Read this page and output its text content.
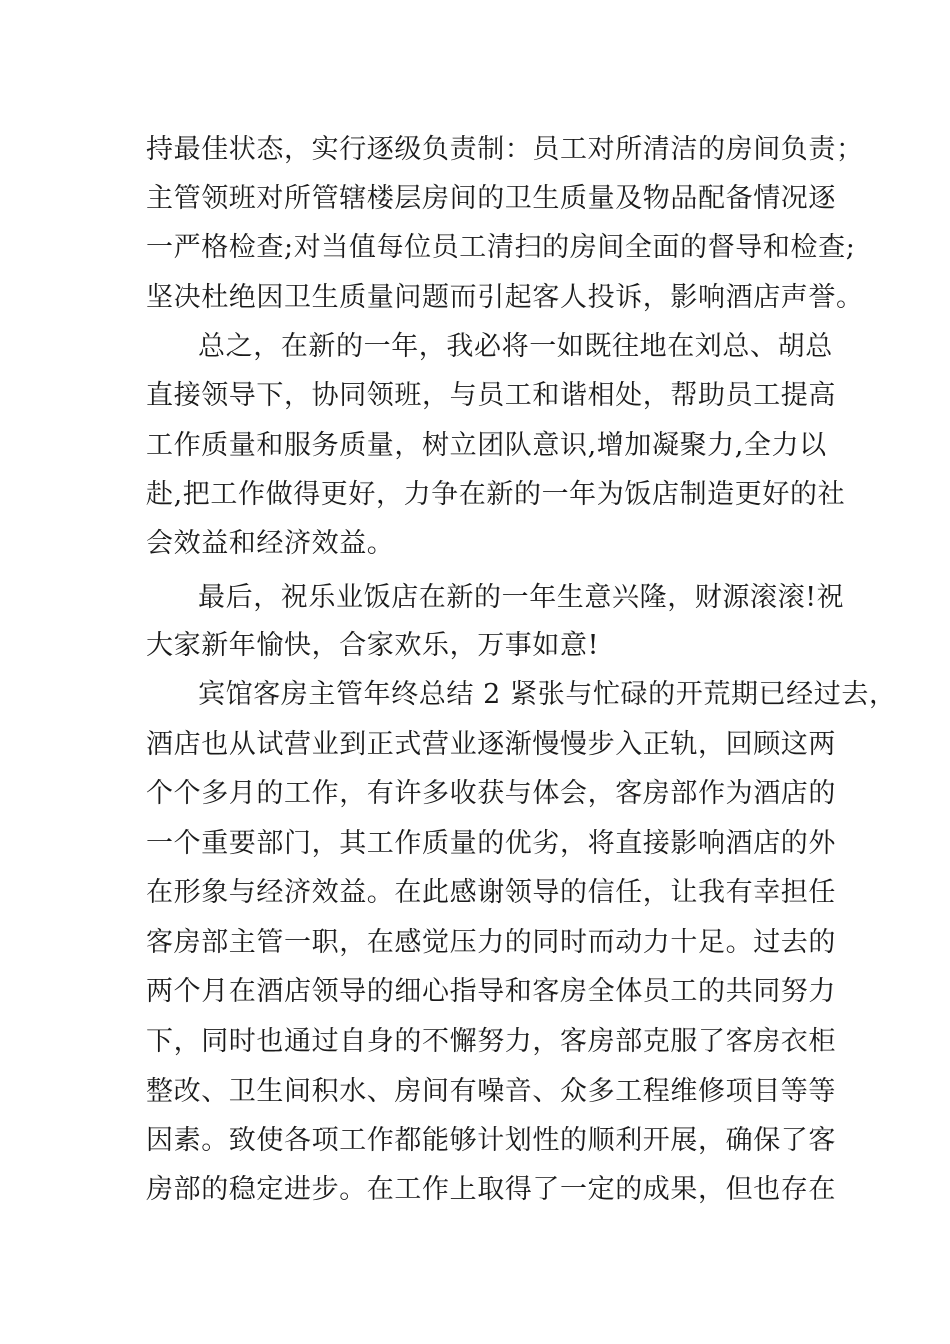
持最佳状态，实行逐级负责制：员工对所清洁的房间负责；
主管领班对所管辖楼层房间的卫生质量及物品配备情况逐
一严格检查;对当值每位员工清扫的房间全面的督导和检查;
坚决杜绝因卫生质量问题而引起客人投诉，影响酒店声誉。
总之，在新的一年，我必将一如既往地在刘总、胡总
直接领导下，协同领班，与员工和谐相处，帮助员工提高
工作质量和服务质量，树立团队意识,增加凝聚力,全力以
赴,把工作做得更好，力争在新的一年为饭店制造更好的社
会效益和经济效益。
最后，祝乐业饭店在新的一年生意兴隆，财源滚滚!祝
大家新年愉快，合家欢乐，万事如意!
宾馆客房主管年终总结 2 紧张与忙碌的开荒期已经过去，
酒店也从试营业到正式营业逐渐慢慢步入正轨，回顾这两
个个多月的工作，有许多收获与体会，客房部作为酒店的
一个重要部门，其工作质量的优劣，将直接影响酒店的外
在形象与经济效益。在此感谢领导的信任，让我有幸担任
客房部主管一职，在感觉压力的同时而动力十足。过去的
两个月在酒店领导的细心指导和客房全体员工的共同努力
下，同时也通过自身的不懈努力，客房部克服了客房衣柜
整改、卫生间积水、房间有噪音、众多工程维修项目等等
因素。致使各项工作都能够计划性的顺利开展，确保了客
房部的稳定进步。在工作上取得了一定的成果，但也存在
